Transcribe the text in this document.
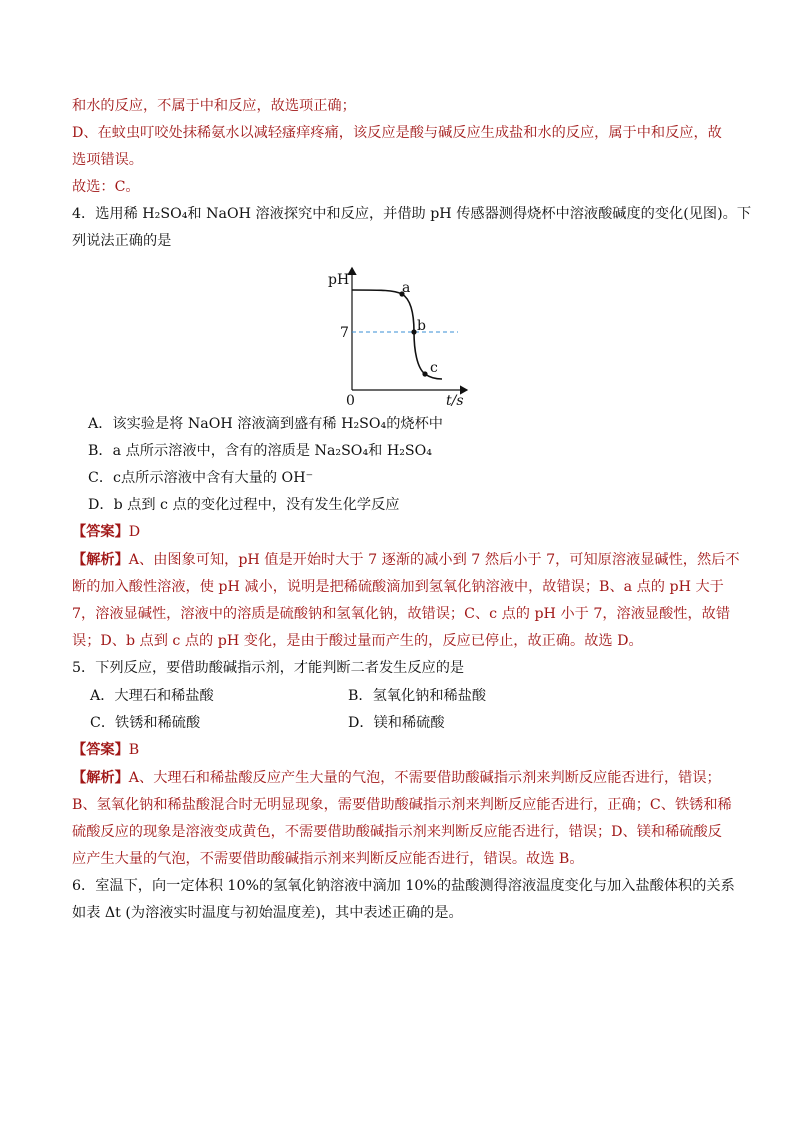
和水的反应，不属于中和反应，故选项正确；
D、在蚊虫叮咬处抹稀氨水以减轻瘙痒疼痛，该反应是酸与碱反应生成盐和水的反应，属于中和反应，故
选项错误。
故选：C。
4．选用稀 H₂SO₄和 NaOH 溶液探究中和反应，并借助 pH 传感器测得烧杯中溶液酸碱度的变化(见图)。下
列说法正确的是
pH
7
0	t/s
a
b
c
A．该实验是将 NaOH 溶液滴到盛有稀 H₂SO₄的烧杯中
B．a 点所示溶液中，含有的溶质是 Na₂SO₄和 H₂SO₄
C．c点所示溶液中含有大量的 OH⁻
D．b 点到 c 点的变化过程中，没有发生化学反应
【答案】D
【解析】A、由图象可知，pH 值是开始时大于 7 逐渐的减小到 7 然后小于 7，可知原溶液显碱性，然后不
断的加入酸性溶液，使 pH 减小，说明是把稀硫酸滴加到氢氧化钠溶液中，故错误；B、a 点的 pH 大于
7，溶液显碱性，溶液中的溶质是硫酸钠和氢氧化钠，故错误；C、c 点的 pH 小于 7，溶液显酸性，故错
误；D、b 点到 c 点的 pH 变化，是由于酸过量而产生的，反应已停止，故正确。故选 D。
5．下列反应，要借助酸碱指示剂，才能判断二者发生反应的是
A．大理石和稀盐酸	B．氢氧化钠和稀盐酸
C．铁锈和稀硫酸	D．镁和稀硫酸
【答案】B
【解析】A、大理石和稀盐酸反应产生大量的气泡，不需要借助酸碱指示剂来判断反应能否进行，错误；
B、氢氧化钠和稀盐酸混合时无明显现象，需要借助酸碱指示剂来判断反应能否进行，正确；C、铁锈和稀
硫酸反应的现象是溶液变成黄色，不需要借助酸碱指示剂来判断反应能否进行，错误；D、镁和稀硫酸反
应产生大量的气泡，不需要借助酸碱指示剂来判断反应能否进行，错误。故选 B。
6．室温下，向一定体积 10%的氢氧化钠溶液中滴加 10%的盐酸测得溶液温度变化与加入盐酸体积的关系
如表 Δt (为溶液实时温度与初始温度差)，其中表述正确的是。
